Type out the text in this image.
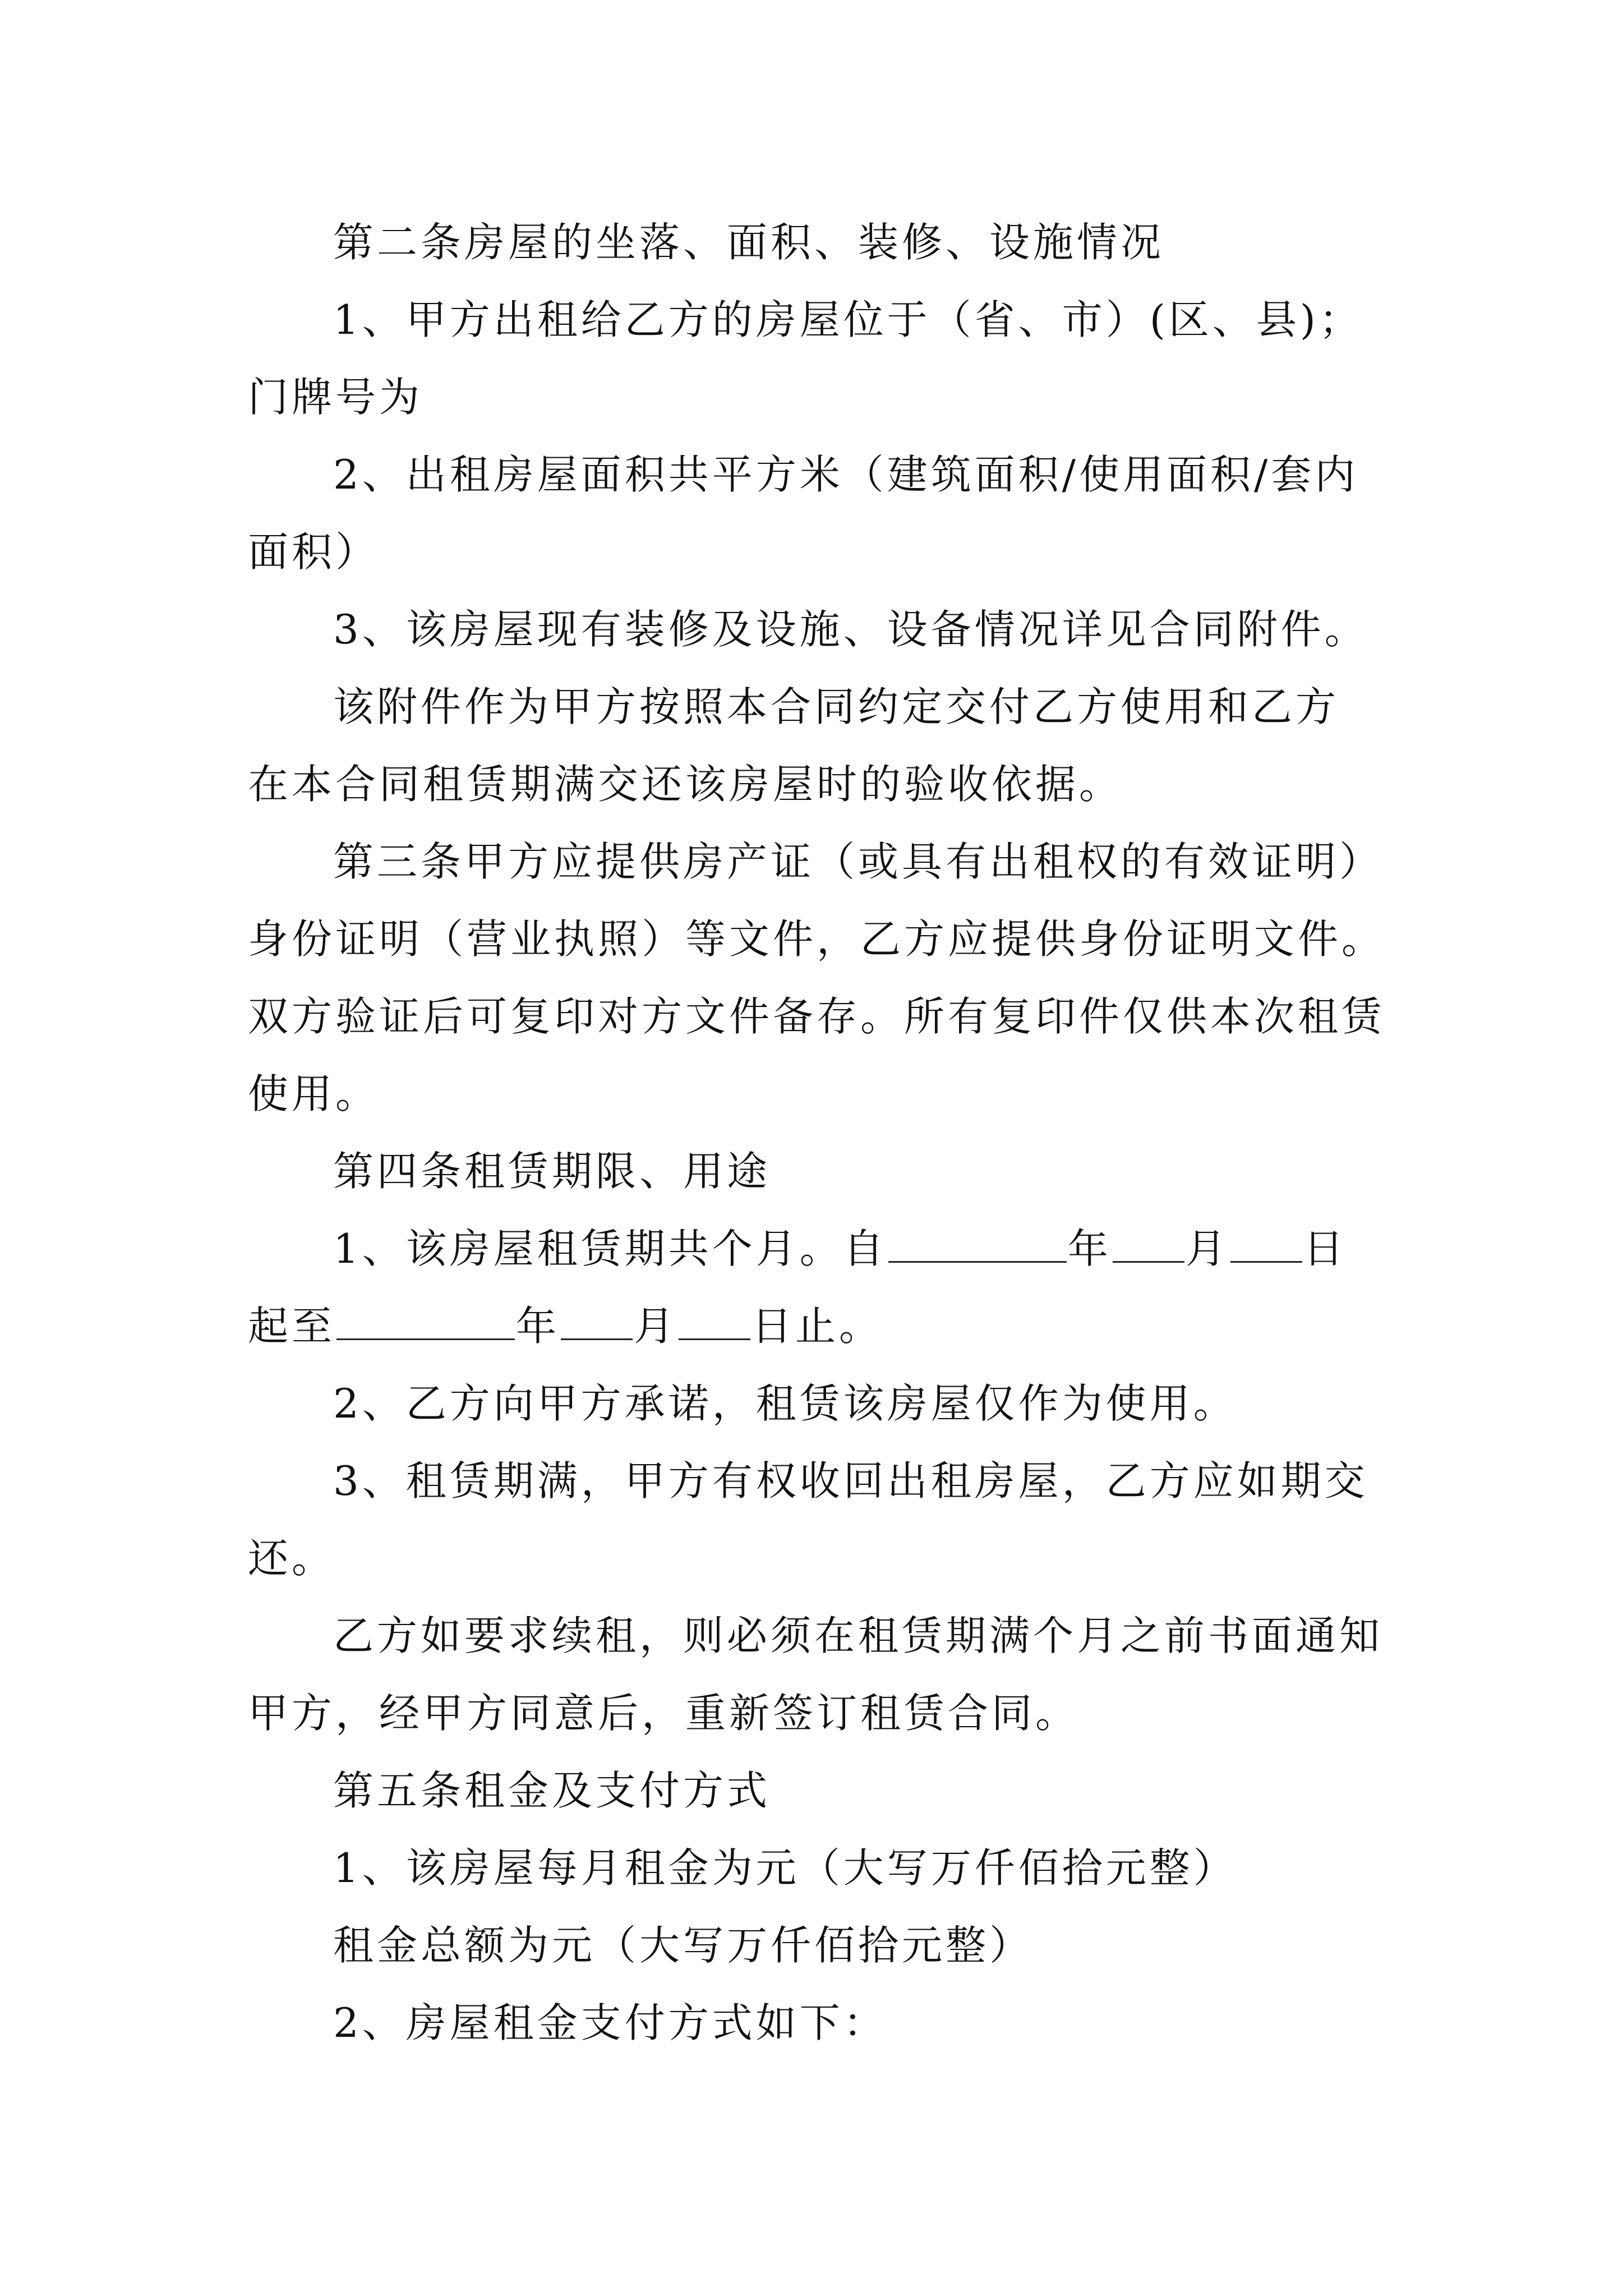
第二条房屋的坐落、面积、装修、设施情况
1、甲方出租给乙方的房屋位于（省、市）(区、县)；
门牌号为
2、出租房屋面积共平方米（建筑面积/使用面积/套内
面积）
3、该房屋现有装修及设施、设备情况详见合同附件。
该附件作为甲方按照本合同约定交付乙方使用和乙方
在本合同租赁期满交还该房屋时的验收依据。
第三条甲方应提供房产证（或具有出租权的有效证明）
身份证明（营业执照）等文件，乙方应提供身份证明文件。
双方验证后可复印对方文件备存。所有复印件仅供本次租赁
使用。
第四条租赁期限、用途
1、该房屋租赁期共个月。自	年 月 日
起至	年 月 日止。
2、乙方向甲方承诺，租赁该房屋仅作为使用。
3、租赁期满，甲方有权收回出租房屋，乙方应如期交
还。
乙方如要求续租，则必须在租赁期满个月之前书面通知
甲方，经甲方同意后，重新签订租赁合同。
第五条租金及支付方式
1、该房屋每月租金为元（大写万仟佰拾元整）
租金总额为元（大写万仟佰拾元整）
2、房屋租金支付方式如下：
